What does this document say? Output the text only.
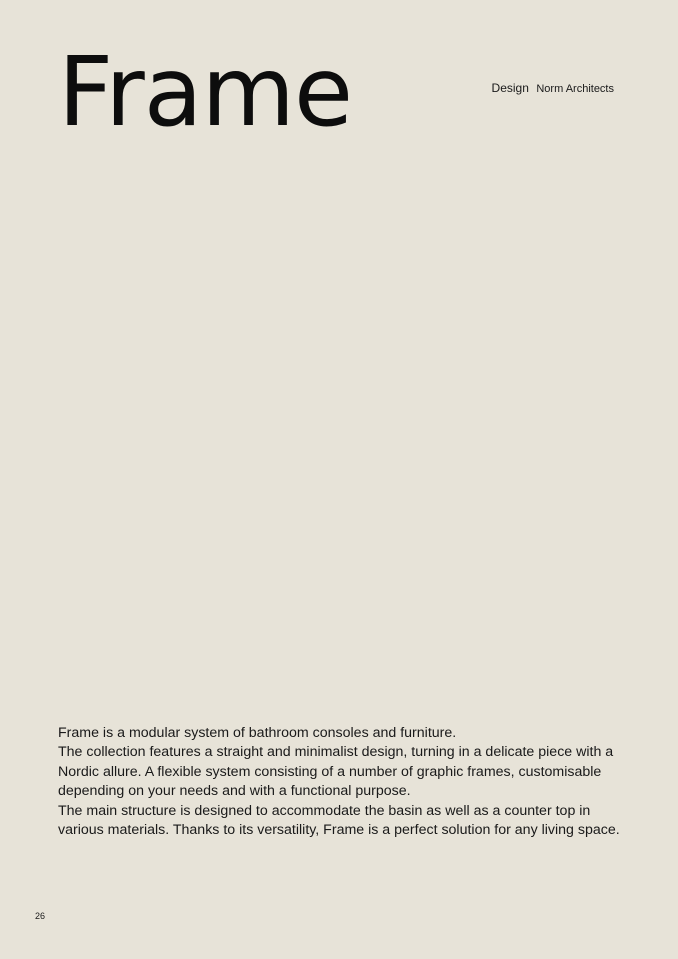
Frame	Design Norm Architects

Frame is a modular system of bathroom consoles and furniture.
The collection features a straight and minimalist design, turning in a delicate piece with a Nordic allure. A flexible system consisting of a number of graphic frames, customisable depending on your needs and with a functional purpose.
The main structure is designed to accommodate the basin as well as a counter top in various materials. Thanks to its versatility, Frame is a perfect solution for any living space.

26
